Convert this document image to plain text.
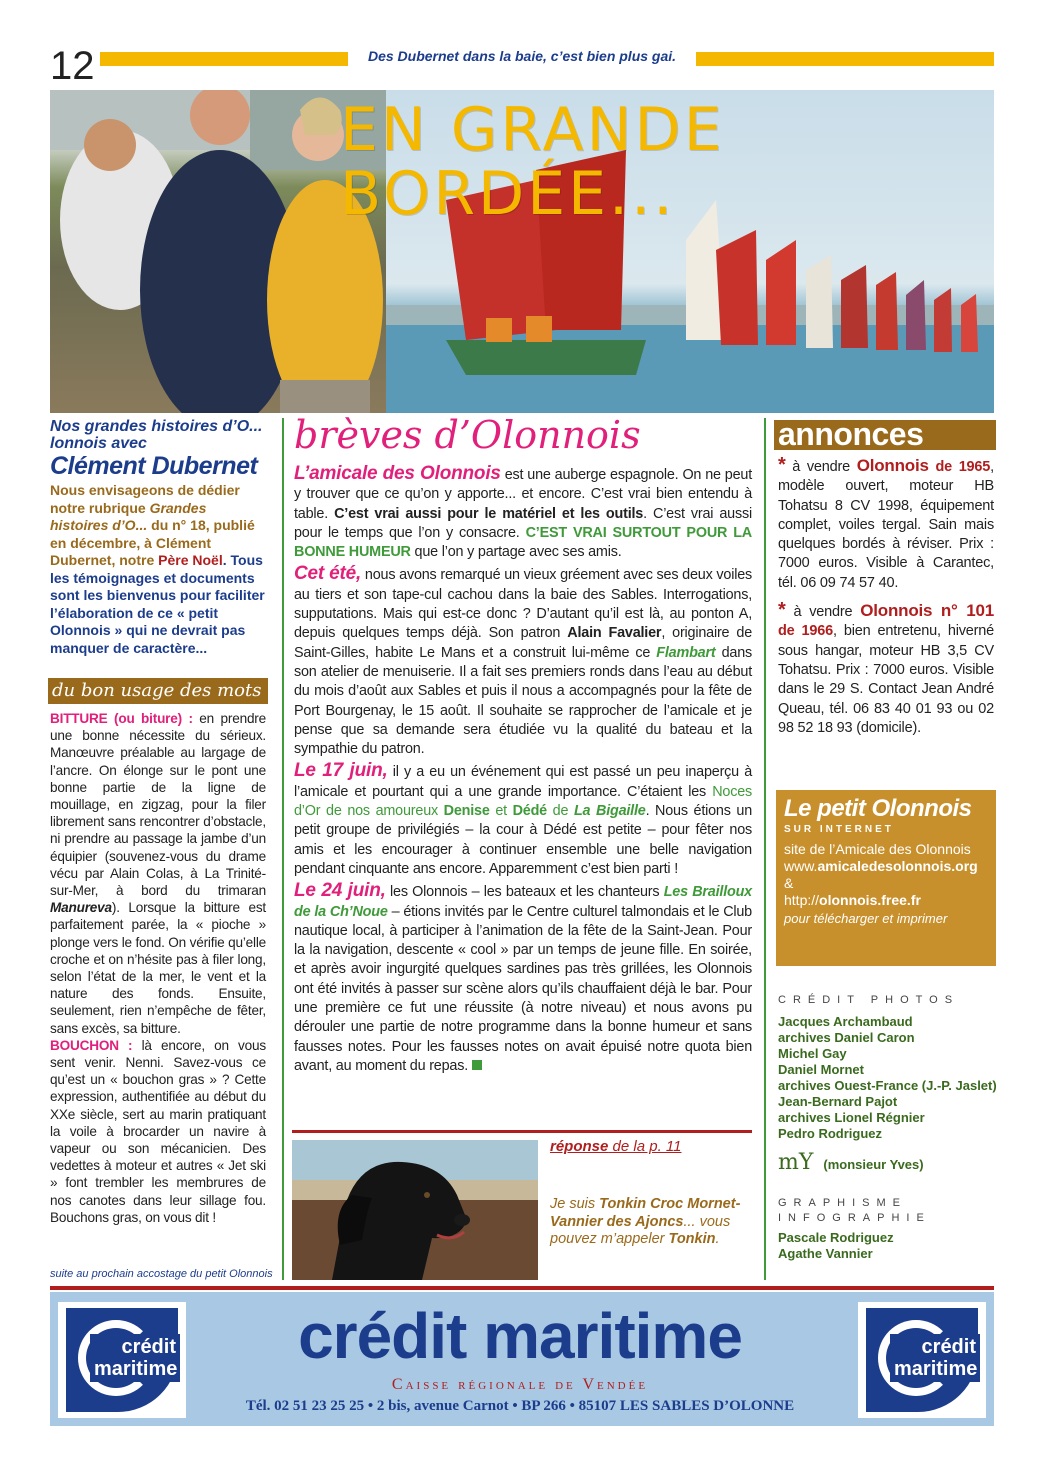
12	Des Dubernet dans la baie, c’est bien plus gai.
EN GRANDE BORDÉE...
Nos grandes histoires d’O... lonnois avec
Clément Dubernet
Nous envisageons de dédier notre rubrique Grandes histoires d’O... du n° 18, publié en décembre, à Clément Dubernet, notre Père Noël. Tous les témoignages et documents sont les bienvenus pour faciliter l’élaboration de ce « petit Olonnois » qui ne devrait pas manquer de caractère...
du bon usage des mots
BITTURE (ou biture) : en prendre une bonne nécessite du sérieux. Manœuvre préalable au largage de l’ancre. On élonge sur le pont une bonne partie de la ligne de mouillage, en zigzag, pour la filer librement sans rencontrer d’obstacle, ni prendre au passage la jambe d’un équipier (souvenez-vous du drame vécu par Alain Colas, à La Trinité-sur-Mer, à bord du trimaran Manureva). Lorsque la bitture est parfaitement parée, la « pioche » plonge vers le fond. On vérifie qu’elle croche et on n’hésite pas à filer long, selon l’état de la mer, le vent et la nature des fonds. Ensuite, seulement, rien n’empêche de fêter, sans excès, sa bitture.
BOUCHON : là encore, on vous sent venir. Nenni. Savez-vous ce qu’est un « bouchon gras » ? Cette expression, authentifiée au début du XXe siècle, sert au marin pratiquant la voile à brocarder un navire à vapeur ou son mécanicien. Des vedettes à moteur et autres « Jet ski » font trembler les membrures de nos canotes dans leur sillage fou. Bouchons gras, on vous dit !
suite au prochain accostage du petit Olonnois
brèves d’Olonnois

L’amicale des Olonnois est une auberge espagnole. On ne peut y trouver que ce qu’on y apporte... et encore. C’est vrai bien entendu à table. C’est vrai aussi pour le matériel et les outils. C’est vrai aussi pour le temps que l’on y consacre. C’EST VRAI SURTOUT POUR LA BONNE HUMEUR que l’on y partage avec ses amis.

Cet été, nous avons remarqué un vieux gréement avec ses deux voiles au tiers et son tape-cul cachou dans la baie des Sables. Interrogations, supputations. Mais qui est-ce donc ? D’autant qu’il est là, au ponton A, depuis quelques temps déjà. Son patron Alain Favalier, originaire de Saint-Gilles, habite Le Mans et a construit lui-même ce Flambart dans son atelier de menuiserie. Il a fait ses premiers ronds dans l’eau au début du mois d’août aux Sables et puis il nous a accompagnés pour la fête de Port Bourgenay, le 15 août. Il souhaite se rapprocher de l’amicale et je pense que sa demande sera étudiée vu la qualité du bateau et la sympathie du patron.

Le 17 juin, il y a eu un événement qui est passé un peu inaperçu à l’amicale et pourtant qui a une grande importance. C’étaient les Noces d’Or de nos amoureux Denise et Dédé de La Bigaille. Nous étions un petit groupe de privilégiés – la cour à Dédé est petite – pour fêter nos amis et les encourager à continuer ensemble une belle navigation pendant cinquante ans encore. Apparemment c’est bien parti !

Le 24 juin, les Olonnois – les bateaux et les chanteurs Les Brailloux de la Ch’Noue – étions invités par le Centre culturel talmondais et le Club nautique local, à participer à l’animation de la fête de la Saint-Jean. Pour la la navigation, descente « cool » par un temps de jeune fille. En soirée, et après avoir ingurgité quelques sardines pas très grillées, les Olonnois ont été invités à passer sur scène alors qu’ils chauffaient déjà le bar. Pour une première ce fut une réussite (à notre niveau) et nous avons pu dérouler une partie de notre programme dans la bonne humeur et sans fausses notes. Pour les fausses notes on avait épuisé notre quota bien avant, au moment du repas.

réponse de la p. 11
Je suis Tonkin Croc Mornet-Vannier des Ajoncs... vous pouvez m’appeler Tonkin.
annonces

* à vendre Olonnois de 1965, modèle ouvert, moteur HB Tohatsu 8 CV 1998, équipement complet, voiles tergal. Sain mais quelques bordés à réviser. Prix : 7000 euros. Visible à Carantec, tél. 06 09 74 57 40.

* à vendre Olonnois n° 101 de 1966, bien entretenu, hiverné sous hangar, moteur HB 3,5 CV Tohatsu. Prix : 7000 euros. Visible dans le 29 S. Contact Jean André Queau, tél. 06 83 40 01 93 ou 02 98 52 18 93 (domicile).

Le petit Olonnois
SUR INTERNET
site de l’Amicale des Olonnois
www.amicaledesolonnois.org
&
http://olonnois.free.fr
pour télécharger et imprimer
CRÉDIT PHOTOS
Jacques Archambaud
archives Daniel Caron
Michel Gay
Daniel Mornet
archives Ouest-France (J.-P. Jaslet)
Jean-Bernard Pajot
archives Lionel Régnier
Pedro Rodriguez
mY (monsieur Yves)
GRAPHISME
INFOGRAPHIE
Pascale Rodriguez
Agathe Vannier
crédit
maritime
crédit
maritime
crédit maritime
Caisse régionale de Vendée
Tél. 02 51 23 25 25 • 2 bis, avenue Carnot • BP 266 • 85107 LES SABLES D’OLONNE
